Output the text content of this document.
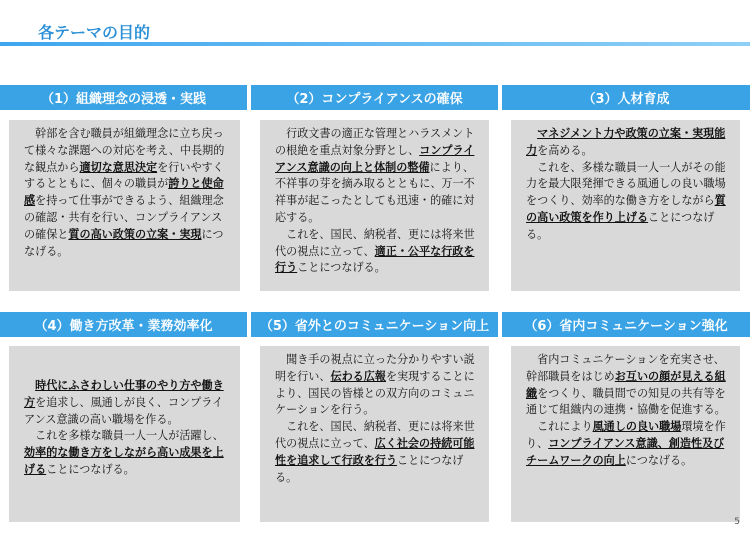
各テーマの目的
（1）組織理念の浸透・実践	（2）コンプライアンスの確保	（3）人材育成

幹部を含む職員が組織理念に立ち戻って様々な課題への対応を考え、中長期的な観点から適切な意思決定を行いやすくするとともに、個々の職員が誇りと使命感を持って仕事ができるよう、組織理念の確認・共有を行い、コンプライアンスの確保と質の高い政策の立案・実現につなげる。

行政文書の適正な管理とハラスメントの根絶を重点対象分野とし、コンプライアンス意識の向上と体制の整備により、不祥事の芽を摘み取るとともに、万一不祥事が起こったとしても迅速・的確に対応する。

これを、国民、納税者、更には将来世代の視点に立って、適正・公平な行政を行うことにつなげる。

マネジメント力や政策の立案・実現能力を高める。

これを、多様な職員一人一人がその能力を最大限発揮できる風通しの良い職場をつくり、効率的な働き方をしながら質の高い政策を作り上げることにつなげる。

（4）働き方改革・業務効率化	（5）省外とのコミュニケーション向上	（6）省内コミュニケーション強化

時代にふさわしい仕事のやり方や働き方を追求し、風通しが良く、コンプライアンス意識の高い職場を作る。

これを多様な職員一人一人が活躍し、効率的な働き方をしながら高い成果を上げることにつなげる。

聞き手の視点に立った分かりやすい説明を行い、伝わる広報を実現することにより、国民の皆様との双方向のコミュニケーションを行う。

これを、国民、納税者、更には将来世代の視点に立って、広く社会の持続可能性を追求して行政を行うことにつなげる。

省内コミュニケーションを充実させ、幹部職員をはじめお互いの顔が見える組織をつくり、職員間での知見の共有等を通じて組織内の連携・協働を促進する。

これにより風通しの良い職場環境を作り、コンプライアンス意識、創造性及びチームワークの向上につなげる。

5
